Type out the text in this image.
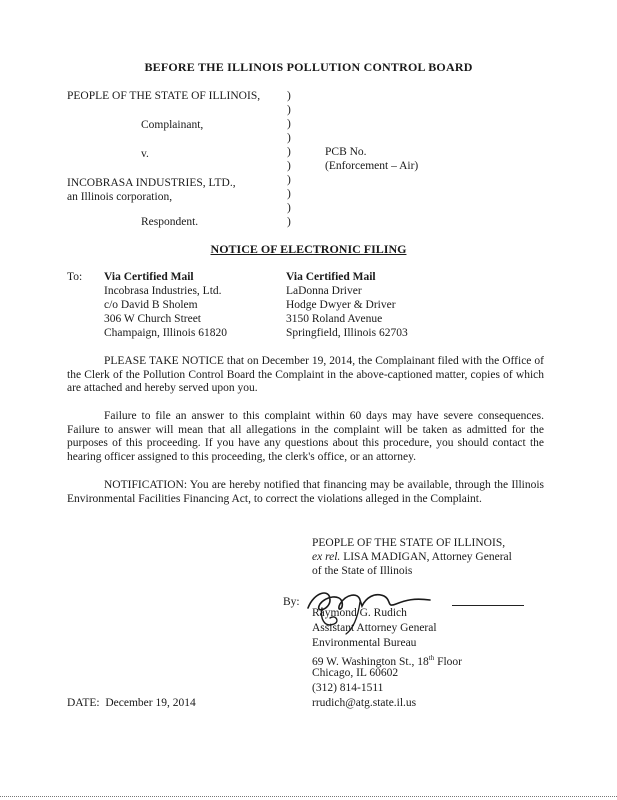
BEFORE THE ILLINOIS POLLUTION CONTROL BOARD
PEOPLE OF THE STATE OF ILLINOIS,
Complainant,
v.
INCOBRASA INDUSTRIES, LTD.,
an Illinois corporation,
Respondent.
)
)
)
)
)
)
)
)
)
)
PCB No.
(Enforcement – Air)
NOTICE OF ELECTRONIC FILING
To: Via Certified Mail
Incobrasa Industries, Ltd.
c/o David B Sholem
306 W Church Street
Champaign, Illinois 61820
Via Certified Mail
LaDonna Driver
Hodge Dwyer & Driver
3150 Roland Avenue
Springfield, Illinois 62703

PLEASE TAKE NOTICE that on December 19, 2014, the Complainant filed with the Office of the Clerk of the Pollution Control Board the Complaint in the above-captioned matter, copies of which are attached and hereby served upon you.

Failure to file an answer to this complaint within 60 days may have severe consequences. Failure to answer will mean that all allegations in the complaint will be taken as admitted for the purposes of this proceeding. If you have any questions about this procedure, you should contact the hearing officer assigned to this proceeding, the clerk's office, or an attorney.

NOTIFICATION: You are hereby notified that financing may be available, through the Illinois Environmental Facilities Financing Act, to correct the violations alleged in the Complaint.

PEOPLE OF THE STATE OF ILLINOIS,
ex rel. LISA MADIGAN, Attorney General
of the State of Illinois
By:
Raymond G. Rudich
Assistant Attorney General
Environmental Bureau
69 W. Washington St., 18th Floor
Chicago, IL 60602
(312) 814-1511
rrudich@atg.state.il.us
DATE:  December 19, 2014
